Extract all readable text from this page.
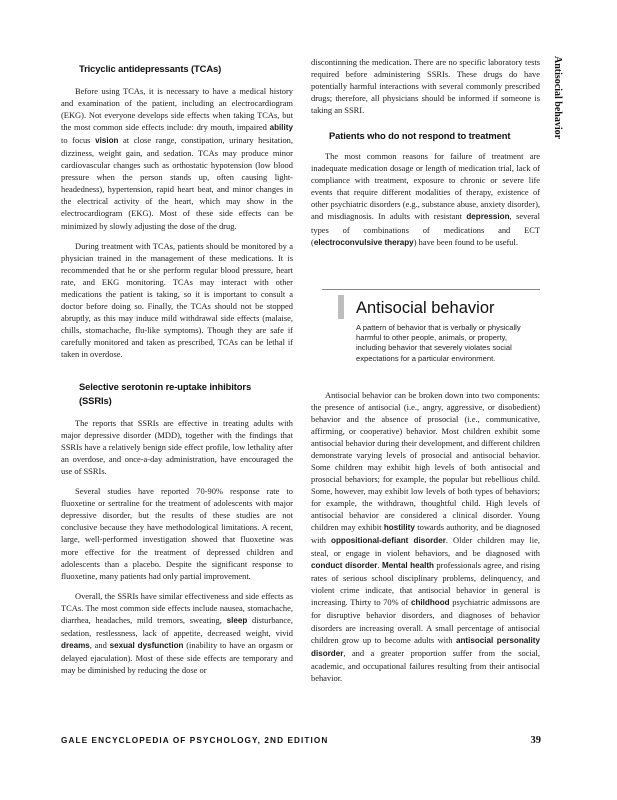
Tricyclic antidepressants (TCAs)

Before using TCAs, it is necessary to have a medical history and examination of the patient, including an electrocardiogram (EKG). Not everyone develops side effects when taking TCAs, but the most common side effects include: dry mouth, impaired ability to focus vision at close range, constipation, urinary hesitation, dizziness, weight gain, and sedation. TCAs may produce minor cardiovascular changes such as orthostatic hypotension (low blood pressure when the person stands up, often causing light-headedness), hypertension, rapid heart beat, and minor changes in the electrical activity of the heart, which may show in the electrocardiogram (EKG). Most of these side effects can be minimized by slowly adjusting the dose of the drug.

During treatment with TCAs, patients should be monitored by a physician trained in the management of these medications. It is recommended that he or she perform regular blood pressure, heart rate, and EKG monitoring. TCAs may interact with other medications the patient is taking, so it is important to consult a doctor before doing so. Finally, the TCAs should not be stopped abruptly, as this may induce mild withdrawal side effects (malaise, chills, stomachache, flu-like symptoms). Though they are safe if carefully monitored and taken as prescribed, TCAs can be lethal if taken in overdose.

Selective serotonin re-uptake inhibitors
(SSRIs)

The reports that SSRIs are effective in treating adults with major depressive disorder (MDD), together with the findings that SSRIs have a relatively benign side effect profile, low lethality after an overdose, and once-a-day administration, have encouraged the use of SSRIs.

Several studies have reported 70-90% response rate to fluoxetine or sertraline for the treatment of adolescents with major depressive disorder, but the results of these studies are not conclusive because they have methodological limitations. A recent, large, well-performed investigation showed that fluoxetine was more effective for the treatment of depressed children and adolescents than a placebo. Despite the significant response to fluoxetine, many patients had only partial improvement.

Overall, the SSRIs have similar effectiveness and side effects as TCAs. The most common side effects include nausea, stomachache, diarrhea, headaches, mild tremors, sweating, sleep disturbance, sedation, restlessness, lack of appetite, decreased weight, vivid dreams, and sexual dysfunction (inability to have an orgasm or delayed ejaculation). Most of these side effects are temporary and may be diminished by reducing the dose or

discontinning the medication. There are no specific laboratory tests required before administering SSRIs. These drugs do have potentially harmful interactions with several commonly prescribed drugs; therefore, all physicians should be informed if someone is taking an SSRI.

Patients who do not respond to treatment

The most common reasons for failure of treatment are inadequate medication dosage or length of medication trial, lack of compliance with treatment, exposure to chronic or severe life events that require different modalities of therapy, existence of other psychiatric disorders (e.g., substance abuse, anxiety disorder), and misdiagnosis. In adults with resistant depression, several types of combinations of medications and ECT (electroconvulsive therapy) have been found to be useful.

Antisocial behavior
A pattern of behavior that is verbally or physically harmful to other people, animals, or property, including behavior that severely violates social expectations for a particular environment.

Antisocial behavior can be broken down into two components: the presence of antisocial (i.e., angry, aggressive, or disobedient) behavior and the absence of prosocial (i.e., communicative, affirming, or cooperative) behavior. Most children exhibit some antisocial behavior during their development, and different children demonstrate varying levels of prosocial and antisocial behavior. Some children may exhibit high levels of both antisocial and prosocial behaviors; for example, the popular but rebellious child. Some, however, may exhibit low levels of both types of behaviors; for example, the withdrawn, thoughtful child. High levels of antisocial behavior are considered a clinical disorder. Young children may exhibit hostility towards authority, and be diagnosed with oppositional-defiant disorder. Older children may lie, steal, or engage in violent behaviors, and be diagnosed with conduct disorder. Mental health professionals agree, and rising rates of serious school disciplinary problems, delinquency, and violent crime indicate, that antisocial behavior in general is increasing. Thirty to 70% of childhood psychiatric admissons are for disruptive behavior disorders, and diagnoses of behavior disorders are increasing overall. A small percentage of antisocial children grow up to become adults with antisocial personality disorder, and a greater proportion suffer from the social, academic, and occupational failures resulting from their antisocial behavior.

Antisocial behavior
GALE ENCYCLOPEDIA OF PSYCHOLOGY, 2ND EDITION	39
